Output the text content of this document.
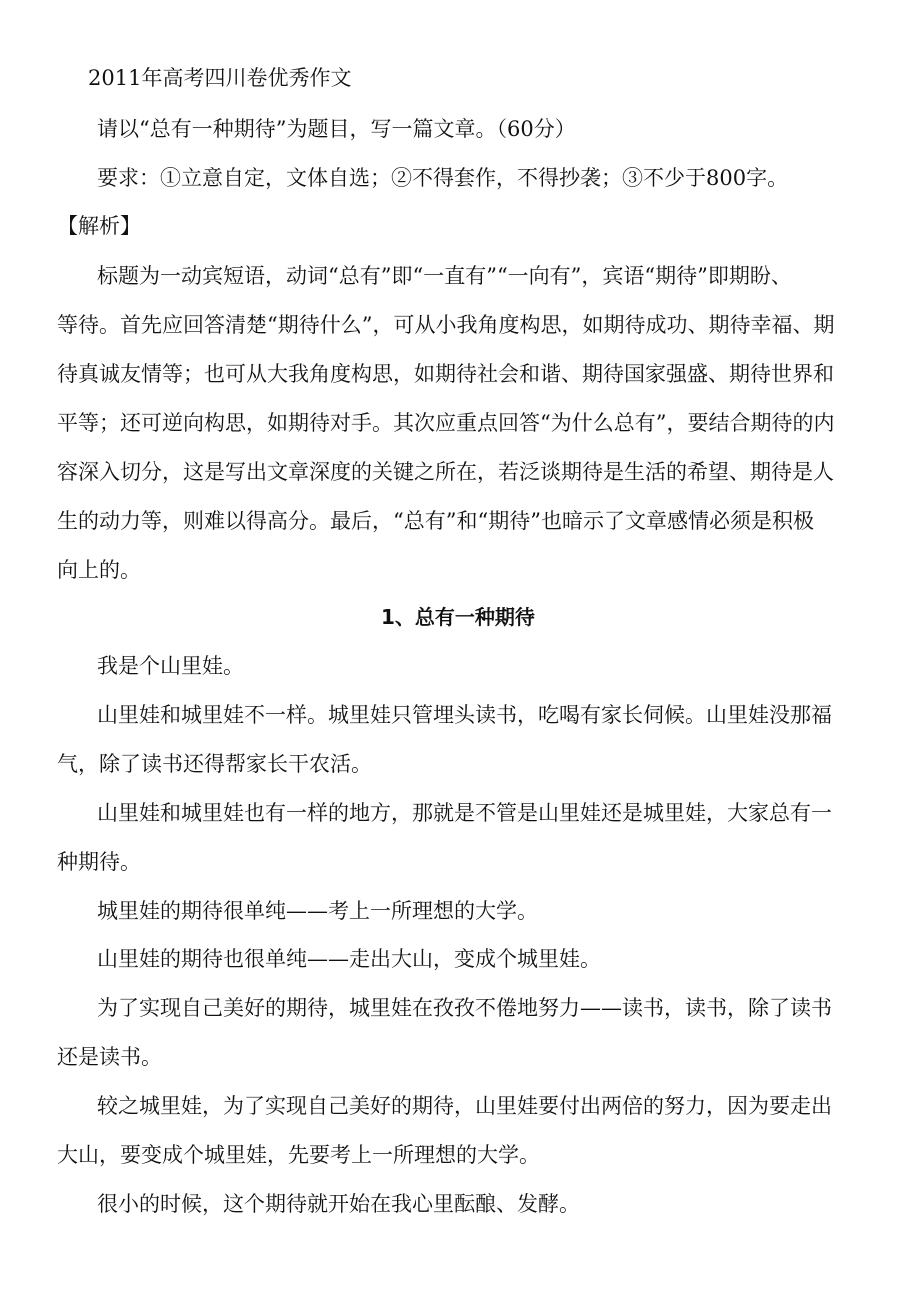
2011年高考四川卷优秀作文
请以“总有一种期待”为题目，写一篇文章。（60分）
要求：①立意自定，文体自选；②不得套作，不得抄袭；③不少于800字。
【解析】
标题为一动宾短语，动词“总有”即“一直有”“一向有”，宾语“期待”即期盼、
等待。首先应回答清楚“期待什么”，可从小我角度构思，如期待成功、期待幸福、期
待真诚友情等；也可从大我角度构思，如期待社会和谐、期待国家强盛、期待世界和
平等；还可逆向构思，如期待对手。其次应重点回答“为什么总有”，要结合期待的内
容深入切分，这是写出文章深度的关键之所在，若泛谈期待是生活的希望、期待是人
生的动力等，则难以得高分。最后，“总有”和“期待”也暗示了文章感情必须是积极
向上的。
1、总有一种期待
我是个山里娃。
山里娃和城里娃不一样。城里娃只管埋头读书，吃喝有家长伺候。山里娃没那福
气，除了读书还得帮家长干农活。
山里娃和城里娃也有一样的地方，那就是不管是山里娃还是城里娃，大家总有一
种期待。
城里娃的期待很单纯——考上一所理想的大学。
山里娃的期待也很单纯——走出大山，变成个城里娃。
为了实现自己美好的期待，城里娃在孜孜不倦地努力——读书，读书，除了读书
还是读书。
较之城里娃，为了实现自己美好的期待，山里娃要付出两倍的努力，因为要走出
大山，要变成个城里娃，先要考上一所理想的大学。
很小的时候，这个期待就开始在我心里酝酿、发酵。
